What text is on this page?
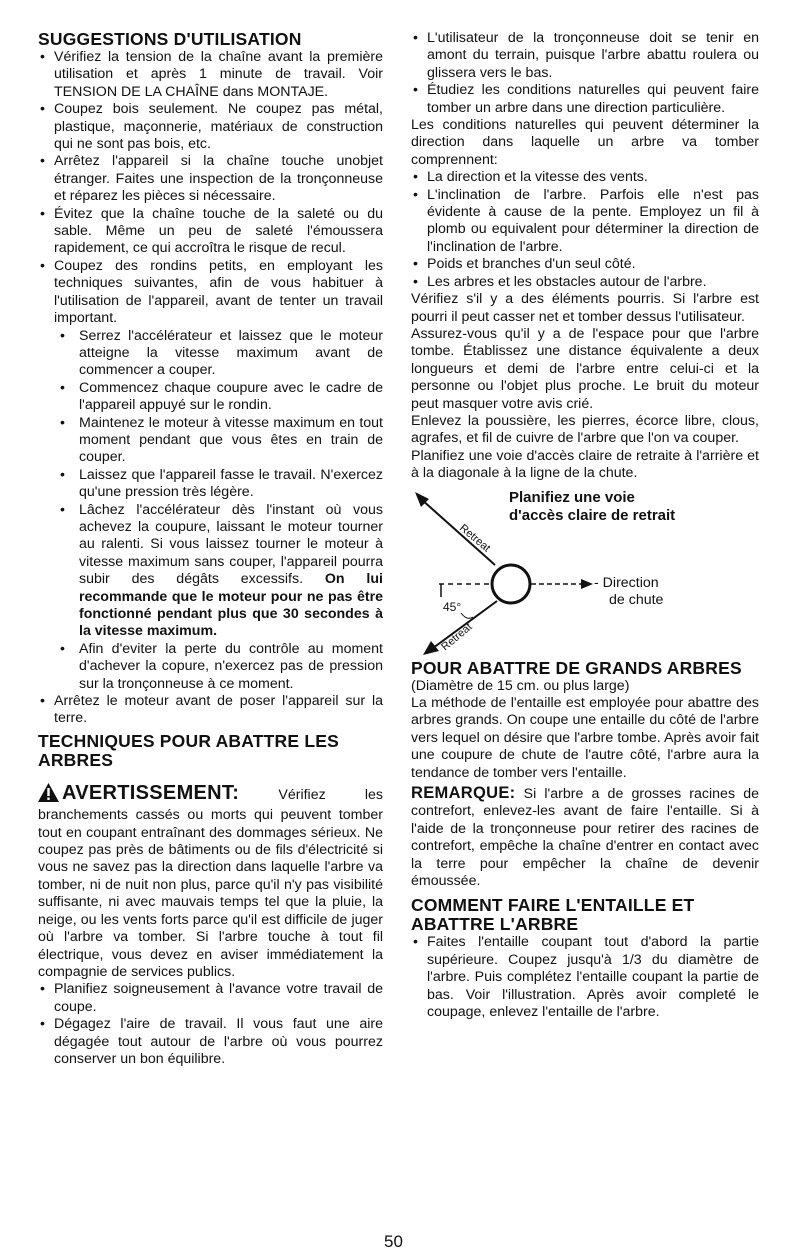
SUGGESTIONS D'UTILISATION
• Vérifiez la tension de la chaîne avant la première utilisation et après 1 minute de travail. Voir TENSION DE LA CHAÎNE dans MONTAJE.
• Coupez bois seulement. Ne coupez pas métal, plastique, maçonnerie, matériaux de construction qui ne sont pas bois, etc.
• Arrêtez l'appareil si la chaîne touche unobjet étranger. Faites une inspection de la tronçonneuse et réparez les pièces si nécessaire.
• Évitez que la chaîne touche de la saleté ou du sable. Même un peu de saleté l'émoussera rapidement, ce qui accroîtra le risque de recul.
• Coupez des rondins petits, en employant les techniques suivantes, afin de vous habituer à l'utilisation de l'appareil, avant de tenter un travail important.
• Serrez l'accélérateur et laissez que le moteur atteigne la vitesse maximum avant de commencer a couper.
• Commencez chaque coupure avec le cadre de l'appareil appuyé sur le rondin.
• Maintenez le moteur à vitesse maximum en tout moment pendant que vous êtes en train de couper.
• Laissez que l'appareil fasse le travail. N'exercez qu'une pression très légère.
• Lâchez l'accélérateur dès l'instant où vous achevez la coupure, laissant le moteur tourner au ralenti. Si vous laissez tourner le moteur à vitesse maximum sans couper, l'appareil pourra subir des dégâts excessifs. On lui recommande que le moteur pour ne pas être fonctionné pendant plus que 30 secondes à la vitesse maximum.
• Afin d'eviter la perte du contrôle au moment d'achever la copure, n'exercez pas de pression sur la tronçonneuse à ce moment.
• Arrêtez le moteur avant de poser l'appareil sur la terre.
TECHNIQUES POUR ABATTRE LES ARBRES

AVERTISSEMENT:	Vérifiez les branchements cassés ou morts qui peuvent tomber tout en coupant entraînant des dommages sérieux. Ne coupez pas près de bâtiments ou de fils d'électricité si vous ne savez pas la direction dans laquelle l'arbre va tomber, ni de nuit non plus, parce qu'il n'y pas visibilité suffisante, ni avec mauvais temps tel que la pluie, la neige, ou les vents forts parce qu'il est difficile de juger où l'arbre va tomber. Si l'arbre touche à tout fil électrique, vous devez en aviser immédiatement la compagnie de services publics.

• Planifiez soigneusement à l'avance votre travail de coupe.
• Dégagez l'aire de travail. Il vous faut une aire dégagée tout autour de l'arbre où vous pourrez conserver un bon équilibre.
• L'utilisateur de la tronçonneuse doit se tenir en amont du terrain, puisque l'arbre abattu roulera ou glissera vers le bas.
• Étudiez les conditions naturelles qui peuvent faire tomber un arbre dans une direction particulière.

Les conditions naturelles qui peuvent déterminer la direction dans laquelle un arbre va tomber comprennent:

• La direction et la vitesse des vents.
• L'inclination de l'arbre. Parfois elle n'est pas évidente à cause de la pente. Employez un fil à plomb ou equivalent pour déterminer la direction de l'inclination de l'arbre.
• Poids et branches d'un seul côté.
• Les arbres et les obstacles autour de l'arbre.

Vérifiez s'il y a des éléments pourris. Si l'arbre est pourri il peut casser net et tomber dessus l'utilisateur.

Assurez-vous qu'il y a de l'espace pour que l'arbre tombe. Établissez une distance équivalente a deux longueurs et demi de l'arbre entre celui-ci et la personne ou l'objet plus proche. Le bruit du moteur peut masquer votre avis crié.

Enlevez la poussière, les pierres, écorce libre, clous, agrafes, et fil de cuivre de l'arbre que l'on va couper.

Planifiez une voie d'accès claire de retraite à l'arrière et à la diagonale à la ligne de la chute.

Planifiez une voie
d'accès claire de retrait
Retreat
Retreat
- Direction
de chute
45°
POUR ABATTRE DE GRANDS ARBRES

(Diamètre de 15 cm. ou plus large)

La méthode de l'entaille est employée pour abattre des arbres grands. On coupe une entaille du côté de l'arbre vers lequel on désire que l'arbre tombe. Après avoir fait une coupure de chute de l'autre côté, l'arbre aura la tendance de tomber vers l'entaille.

REMARQUE: Si l'arbre a de grosses racines de contrefort, enlevez-les avant de faire l'entaille. Si à l'aide de la tronçonneuse pour retirer des racines de contrefort, empêche la chaîne d'entrer en contact avec la terre pour empêcher la chaîne de devenir émoussée.

COMMENT FAIRE L'ENTAILLE ET ABATTRE L'ARBRE
• Faites l'entaille coupant tout d'abord la partie supérieure. Coupez jusqu'à 1/3 du diamètre de l'arbre. Puis complétez l'entaille coupant la partie de bas. Voir l'illustration. Après avoir completé le coupage, enlevez l'entaille de l'arbre.
50
